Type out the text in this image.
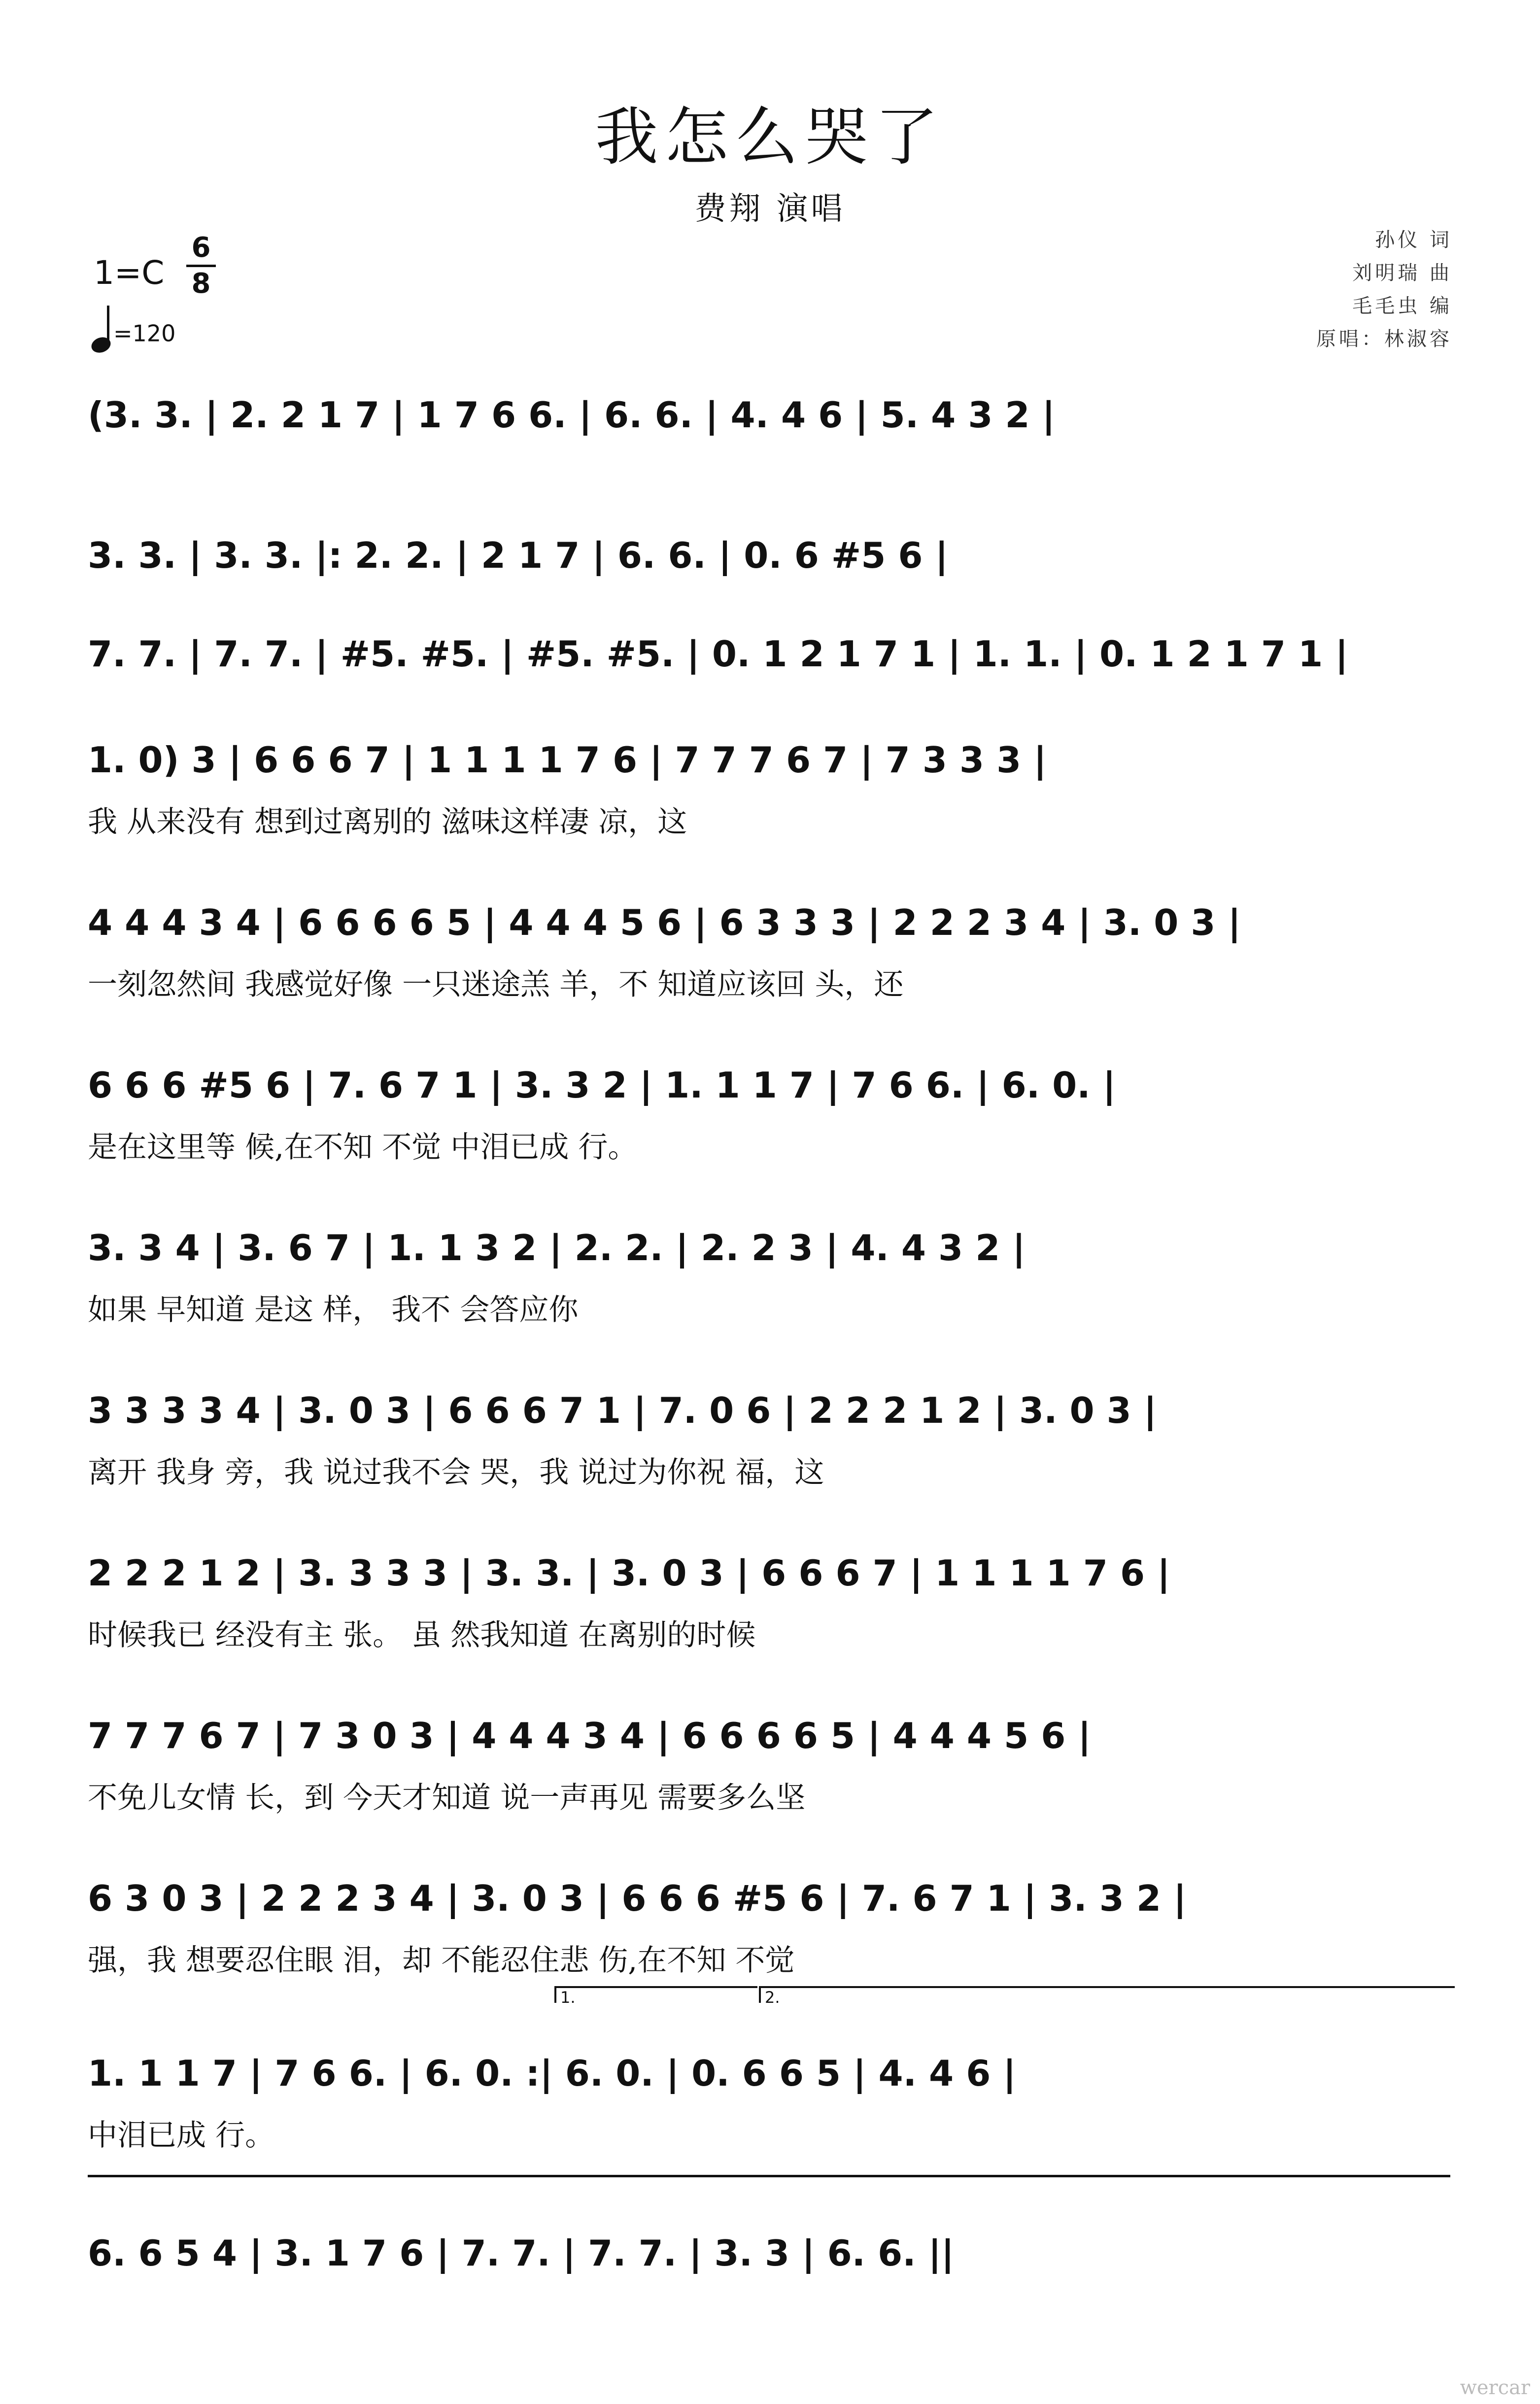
我怎么哭了
费翔 演唱
孙仪 词
刘明瑞 曲
毛毛虫 编
原唱：林淑容
$1=C \frac{6}{8}$
=120
(3. 3. | 2. 2 1 7 | 1 7 6 6. | 6. 6. | 4. 4 6 | 5. 4 3 2 |
3. 3. | 3. 3. |: 2. 2. | 2 1 7 | 6. 6. | 0. 6 #5 6 |
7. 7. | 7. 7. | #5. #5. | #5. #5. | 0. 1 2 1 7 1 | 1. 1. | 0. 1 2 1 7 1 |
1. 0) 3 | 6 6 6 7 | 1 1 1 1 7 6 | 7 7 7 6 7 | 7 3 3 3 |
我 从来没有 想到过离别的 滋味这样凄 凉，这
4 4 4 3 4 | 6 6 6 6 5 | 4 4 4 5 6 | 6 3 3 3 | 2 2 2 3 4 | 3. 0 3 |
一刻忽然间 我感觉好像 一只迷途羔 羊，不 知道应该回 头，还
6 6 6 #5 6 | 7. 6 7 1 | 3. 3 2 | 1. 1 1 7 | 7 6 6. | 6. 0. |
是在这里等 候,在不知 不觉 中泪已成 行。
3. 3 4 | 3. 6 7 | 1. 1 3 2 | 2. 2. | 2. 2 3 | 4. 4 3 2 |
如果 早知道 是这 样， 我不 会答应你
3 3 3 3 4 | 3. 0 3 | 6 6 6 7 1 | 7. 0 6 | 2 2 2 1 2 | 3. 0 3 |
离开 我身 旁，我 说过我不会 哭，我 说过为你祝 福，这
2 2 2 1 2 | 3. 3 3 3 | 3. 3. | 3. 0 3 | 6 6 6 7 | 1 1 1 1 7 6 |
时候我已 经没有主 张。 虽 然我知道 在离别的时候
7 7 7 6 7 | 7 3 0 3 | 4 4 4 3 4 | 6 6 6 6 5 | 4 4 4 5 6 |
不免儿女情 长，到 今天才知道 说一声再见 需要多么坚
6 3 0 3 | 2 2 2 3 4 | 3. 0 3 | 6 6 6 #5 6 | 7. 6 7 1 | 3. 3 2 |
强，我 想要忍住眼 泪，却 不能忍住悲 伤,在不知 不觉
1. 1 1 7 | 7 6 6. | 6. 0. :| 6. 0. | 0. 6 6 5 | 4. 4 6 |
中泪已成 行。
6. 6 5 4 | 3. 1 7 6 | 7. 7. | 7. 7. | 3. 3 | 6. 6. ||
wercar
1.	2.
